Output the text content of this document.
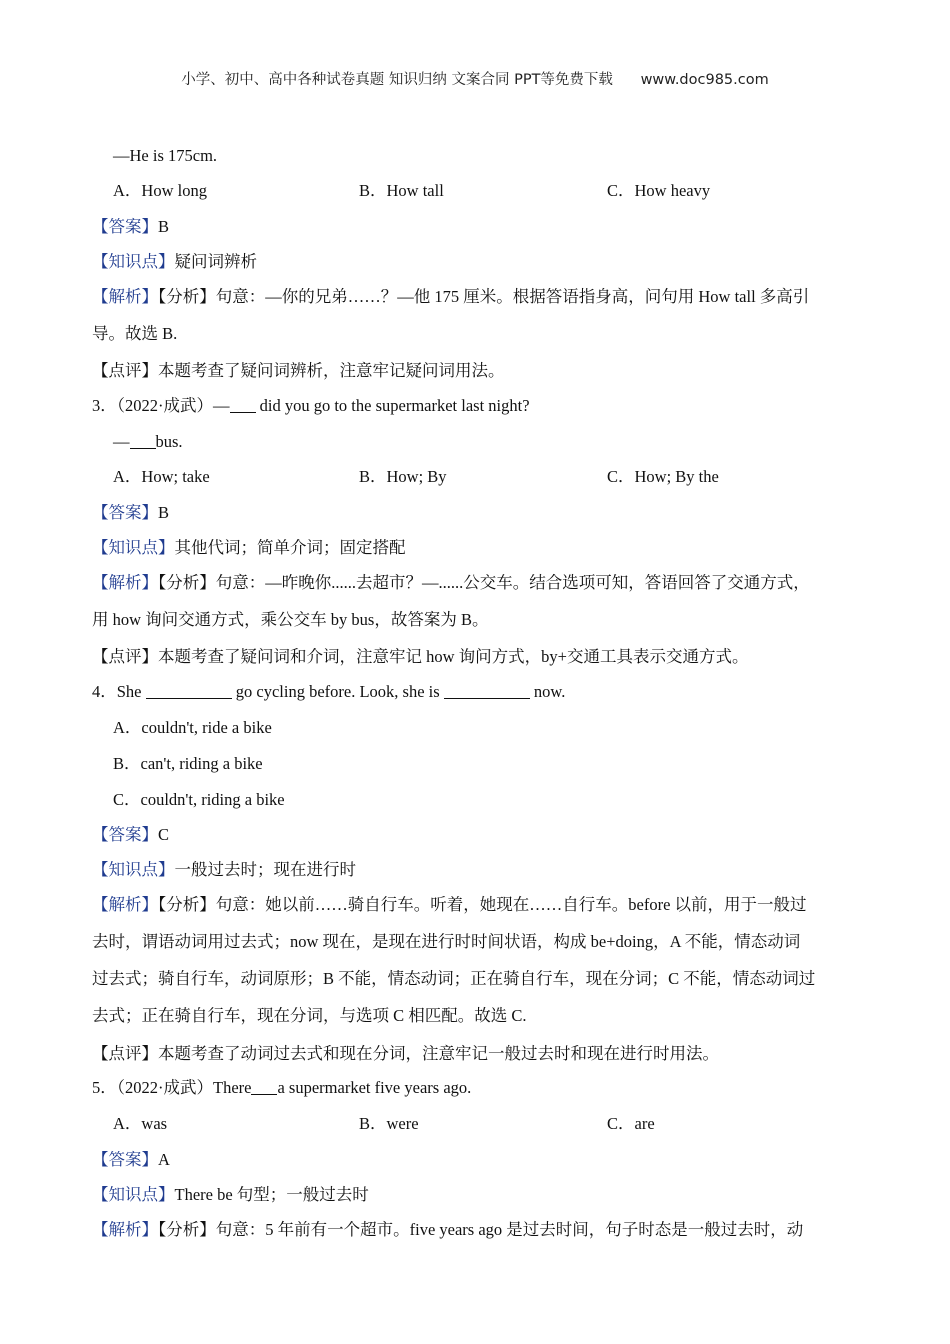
小学、初中、高中各种试卷真题 知识归纳 文案合同 PPT等免费下载 www.doc985.com
—He is 175cm.
A．How long	B．How tall	C．How heavy
【答案】B
【知识点】疑问词辨析
【解析】【分析】句意：—你的兄弟……？—他 175 厘米。根据答语指身高，问句用 How tall 多高引
导。故选 B.
【点评】本题考查了疑问词辨析，注意牢记疑问词用法。
3．（2022·成武）— did you go to the supermarket last night?
— bus.
A．How; take	B．How; By	C．How; By the
【答案】B
【知识点】其他代词；简单介词；固定搭配
【解析】【分析】句意：—昨晚你......去超市？—......公交车。结合选项可知，答语回答了交通方式，
用 how 询问交通方式，乘公交车 by bus，故答案为 B。
【点评】本题考查了疑问词和介词，注意牢记 how 询问方式，by+交通工具表示交通方式。
4．She	go cycling before. Look, she is	now.
A．couldn't, ride a bike
B．can't, riding a bike
C．couldn't, riding a bike
【答案】C
【知识点】一般过去时；现在进行时
【解析】【分析】句意：她以前……骑自行车。听着，她现在……自行车。before 以前，用于一般过
去时，谓语动词用过去式；now 现在，是现在进行时时间状语，构成 be+doing，A 不能，情态动词
过去式；骑自行车，动词原形；B 不能，情态动词；正在骑自行车，现在分词；C 不能，情态动词过
去式；正在骑自行车，现在分词，与选项 C 相匹配。故选 C.
【点评】本题考查了动词过去式和现在分词，注意牢记一般过去时和现在进行时用法。
5．（2022·成武）There a supermarket five years ago.
A．was	B．were	C．are
【答案】A
【知识点】There be 句型；一般过去时
【解析】【分析】句意：5 年前有一个超市。five years ago 是过去时间，句子时态是一般过去时，动
